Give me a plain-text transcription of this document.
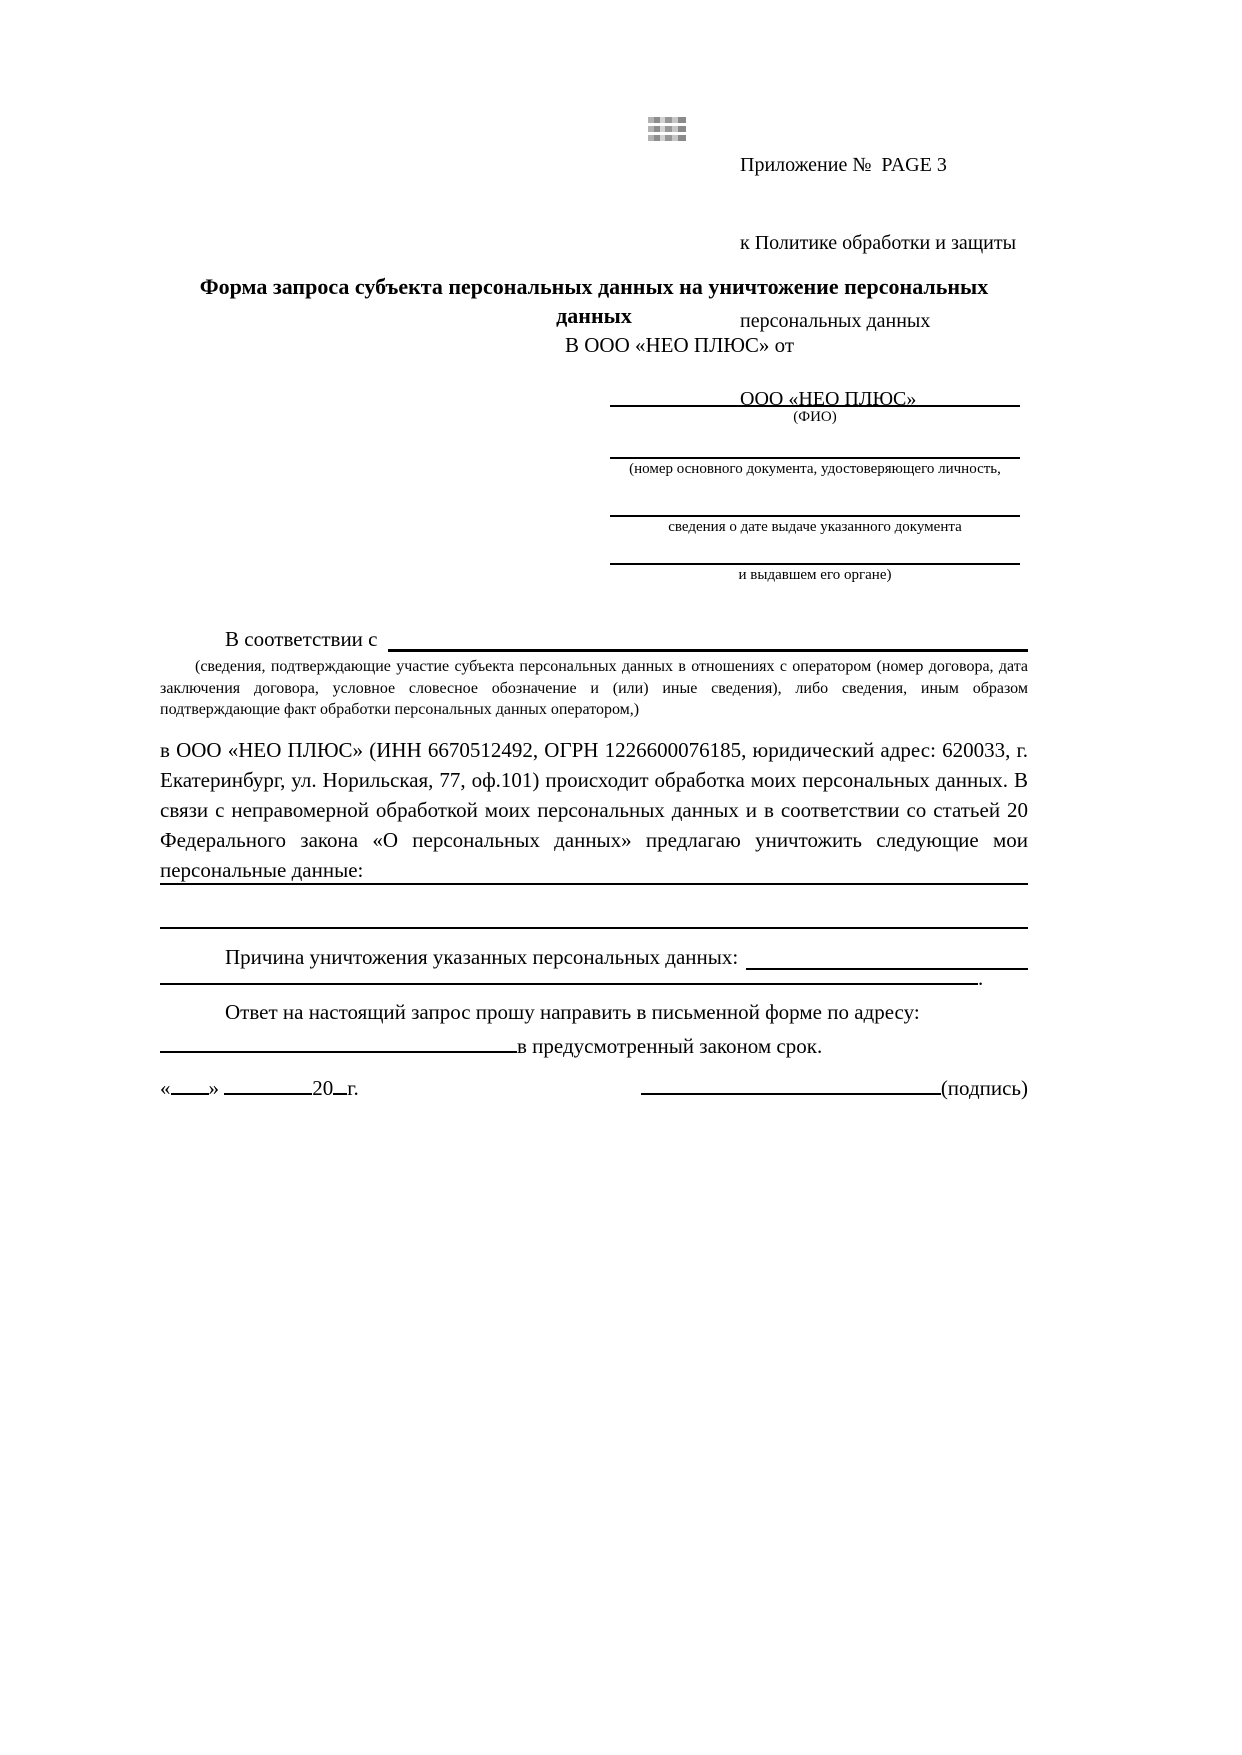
Приложение №  PAGE 3

к Политике обработки и защиты

персональных данных

ООО «НЕО ПЛЮС»

Форма запроса субъекта персональных данных на уничтожение персональных данных
В ООО «НЕО ПЛЮС» от
(ФИО)
(номер основного документа, удостоверяющего личность,
сведения о дате выдаче указанного документа
и выдавшем его органе)
В соответствии с

(сведения, подтверждающие участие субъекта персональных данных в отношениях с оператором (номер договора, дата заключения договора, условное словесное обозначение и (или) иные сведения), либо сведения, иным образом подтверждающие факт обработки персональных данных оператором,)

в ООО «НЕО ПЛЮС» (ИНН 6670512492, ОГРН 1226600076185, юридический адрес: 620033, г. Екатеринбург, ул. Норильская, 77, оф.101) происходит обработка моих персональных данных. В связи с неправомерной обработкой моих персональных данных и в соответствии со статьей 20 Федерального закона «О персональных данных» предлагаю уничтожить следующие мои персональные данные:

Причина уничтожения указанных персональных данных:
.
Ответ на настоящий запрос прошу направить в письменной форме по адресу:
в предусмотренный законом срок.
« »	20 г.	(подпись)
